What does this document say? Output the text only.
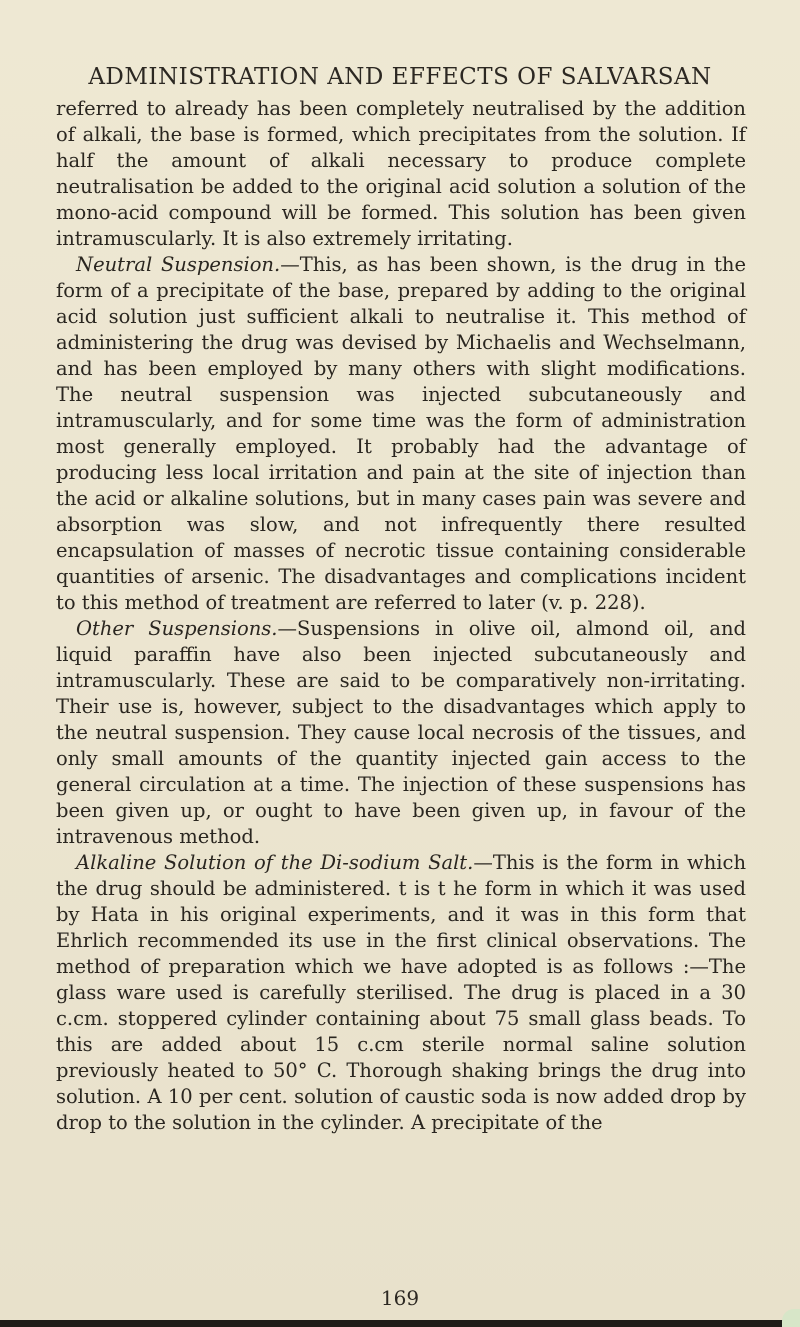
ADMINISTRATION AND EFFECTS OF SALVARSAN

referred to already has been completely neutralised by the addition of alkali, the base is formed, which precipitates from the solution. If half the amount of alkali necessary to produce complete neutralisation be added to the original acid solution a solution of the mono-acid compound will be formed. This solution has been given intramuscularly. It is also extremely irritating.

Neutral Suspension.—This, as has been shown, is the drug in the form of a precipitate of the base, prepared by adding to the original acid solution just sufficient alkali to neutralise it. This method of administering the drug was devised by Michaelis and Wechselmann, and has been employed by many others with slight modifications. The neutral suspension was injected subcutaneously and intramuscularly, and for some time was the form of administration most generally employed. It probably had the advantage of producing less local irritation and pain at the site of injection than the acid or alkaline solutions, but in many cases pain was severe and absorption was slow, and not infrequently there resulted encapsulation of masses of necrotic tissue containing considerable quantities of arsenic. The disadvantages and complications incident to this method of treatment are referred to later (v. p. 228).

Other Suspensions.—Suspensions in olive oil, almond oil, and liquid paraffin have also been injected subcutaneously and intramuscularly. These are said to be comparatively non-irritating. Their use is, however, subject to the disadvantages which apply to the neutral suspension. They cause local necrosis of the tissues, and only small amounts of the quantity injected gain access to the general circulation at a time. The injection of these suspensions has been given up, or ought to have been given up, in favour of the intravenous method.

Alkaline Solution of the Di-sodium Salt.—This is the form in which the drug should be administered. t is t he form in which it was used by Hata in his original experiments, and it was in this form that Ehrlich recommended its use in the first clinical observations. The method of preparation which we have adopted is as follows :—The glass ware used is carefully sterilised. The drug is placed in a 30 c.cm. stoppered cylinder containing about 75 small glass beads. To this are added about 15 c.cm sterile normal saline solution previously heated to 50° C. Thorough shaking brings the drug into solution. A 10 per cent. solution of caustic soda is now added drop by drop to the solution in the cylinder. A precipitate of the

169
